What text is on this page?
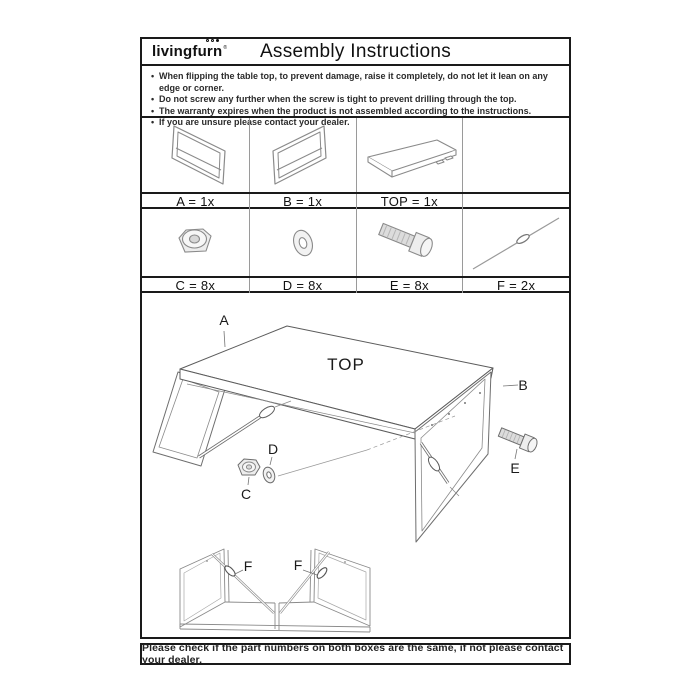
livingfurn ®	Assembly Instructions
• When flipping the table top, to prevent damage, raise it completely, do not let it lean on any edge or corner.
• Do not screw any further when the screw is tight to prevent drilling through the top.
• The warranty expires when the product is not assembled according to the instructions.
• If you are unsure please contact your dealer.
A = 1x	B = 1x	TOP = 1x
C = 8x	D = 8x	E = 8x	F = 2x
A
B
TOP
C
D
E
F	F
Please check if the part numbers on both boxes are the same, if not please contact your dealer.
